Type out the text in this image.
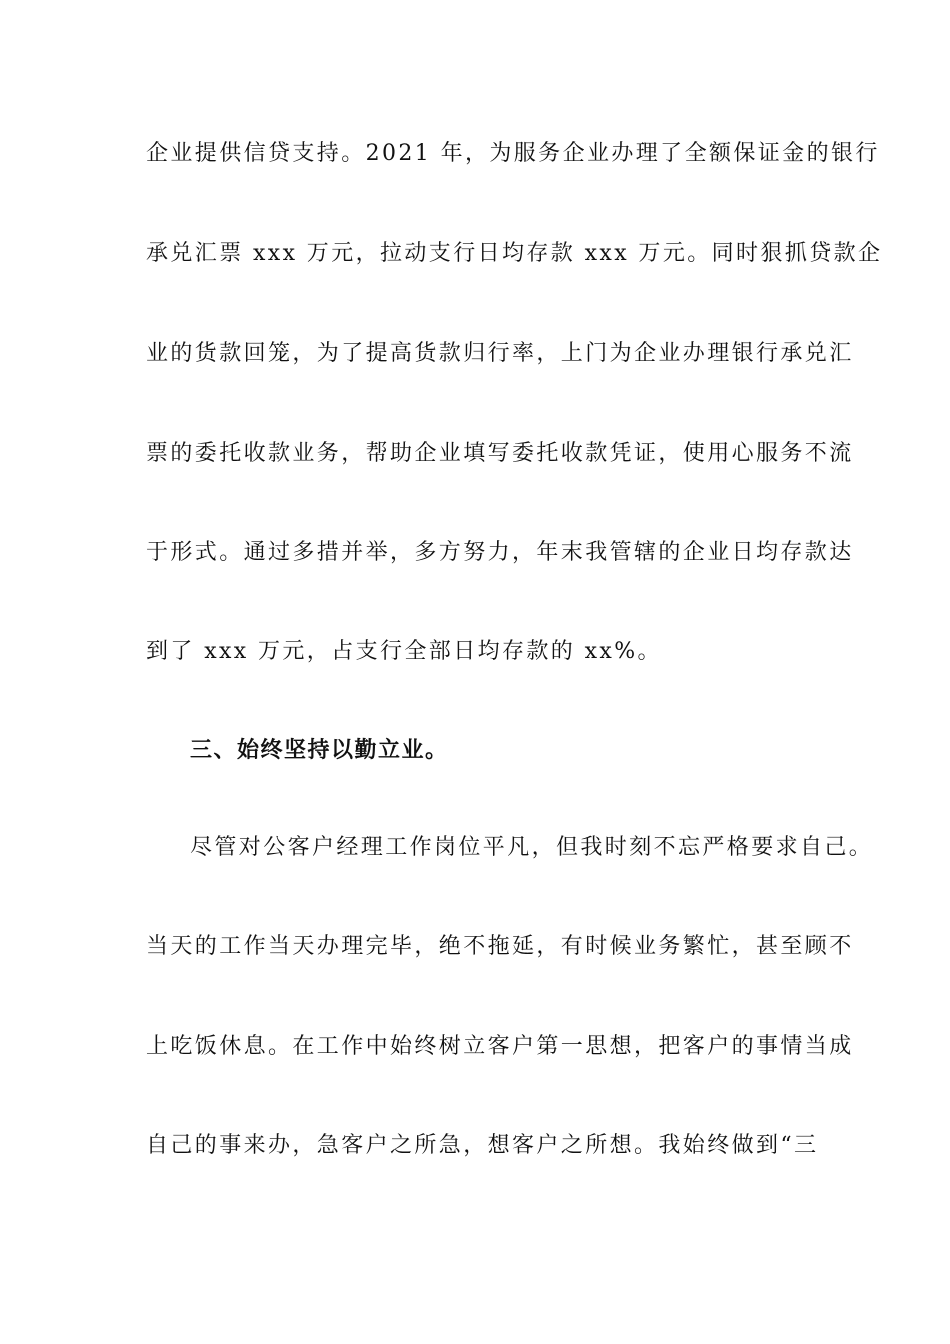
企业提供信贷支持。2021 年，为服务企业办理了全额保证金的银行
承兑汇票 xxx 万元，拉动支行日均存款 xxx 万元。同时狠抓贷款企
业的货款回笼，为了提高货款归行率，上门为企业办理银行承兑汇
票的委托收款业务，帮助企业填写委托收款凭证，使用心服务不流
于形式。通过多措并举，多方努力，年末我管辖的企业日均存款达
到了 xxx 万元，占支行全部日均存款的 xx%。
三、始终坚持以勤立业。
尽管对公客户经理工作岗位平凡，但我时刻不忘严格要求自己。
当天的工作当天办理完毕，绝不拖延，有时候业务繁忙，甚至顾不
上吃饭休息。在工作中始终树立客户第一思想，把客户的事情当成
自己的事来办，急客户之所急，想客户之所想。我始终做到“三
